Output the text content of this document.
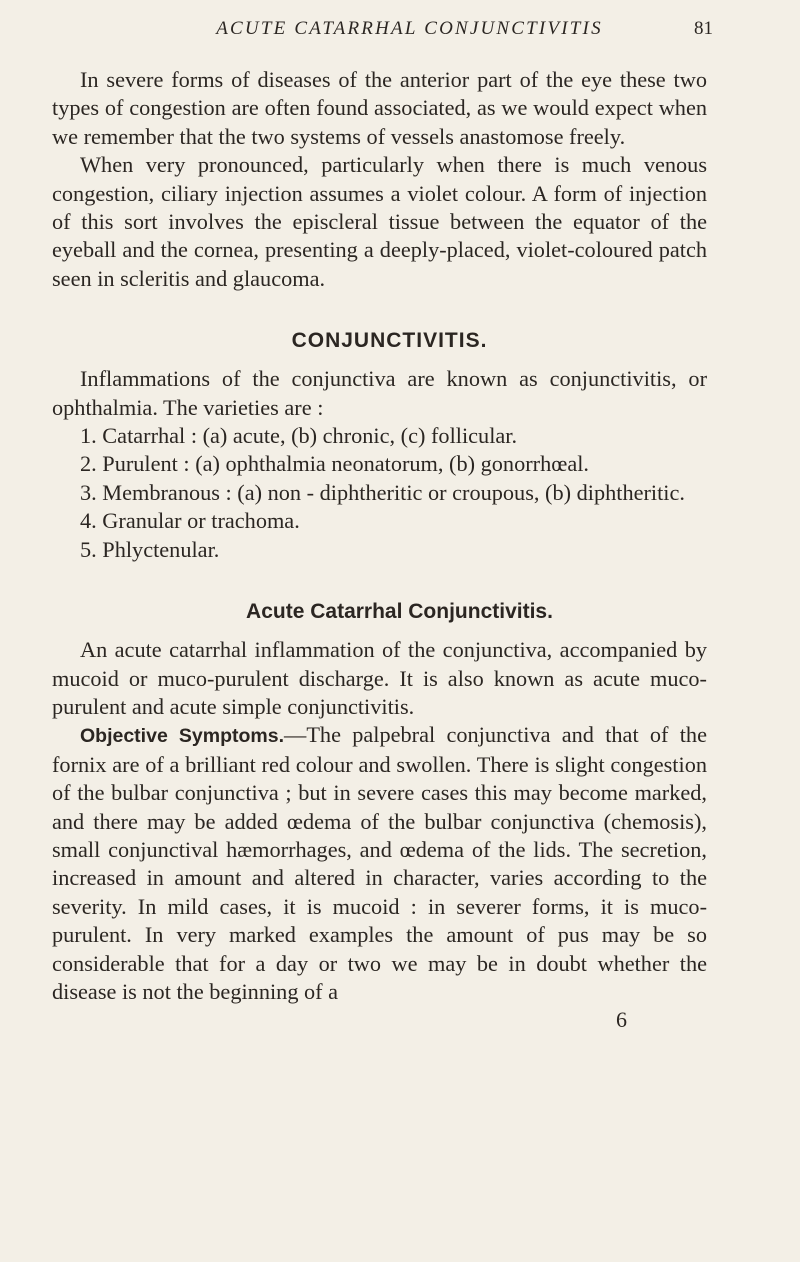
ACUTE CATARRHAL CONJUNCTIVITIS	81

In severe forms of diseases of the anterior part of the eye these two types of congestion are often found associated, as we would expect when we remember that the two systems of vessels anastomose freely.

When very pronounced, particularly when there is much venous congestion, ciliary injection assumes a violet colour. A form of injection of this sort involves the episcleral tissue between the equator of the eyeball and the cornea, presenting a deeply-placed, violet-coloured patch seen in scleritis and glaucoma.

CONJUNCTIVITIS.

Inflammations of the conjunctiva are known as conjunctivitis, or ophthalmia. The varieties are :

1. Catarrhal : (a) acute, (b) chronic, (c) follicular.

2. Purulent : (a) ophthalmia neonatorum, (b) gonorrhœal.

3. Membranous : (a) non - diphtheritic or croupous, (b) diphtheritic.

4. Granular or trachoma.

5. Phlyctenular.

Acute Catarrhal Conjunctivitis.

An acute catarrhal inflammation of the conjunctiva, accompanied by mucoid or muco-purulent discharge. It is also known as acute muco-purulent and acute simple conjunctivitis.

Objective Symptoms.—The palpebral conjunctiva and that of the fornix are of a brilliant red colour and swollen. There is slight congestion of the bulbar conjunctiva ; but in severe cases this may become marked, and there may be added œdema of the bulbar conjunctiva (chemosis), small conjunctival hæmorrhages, and œdema of the lids. The secretion, increased in amount and altered in character, varies according to the severity. In mild cases, it is mucoid : in severer forms, it is muco-purulent. In very marked examples the amount of pus may be so considerable that for a day or two we may be in doubt whether the disease is not the beginning of a

6
